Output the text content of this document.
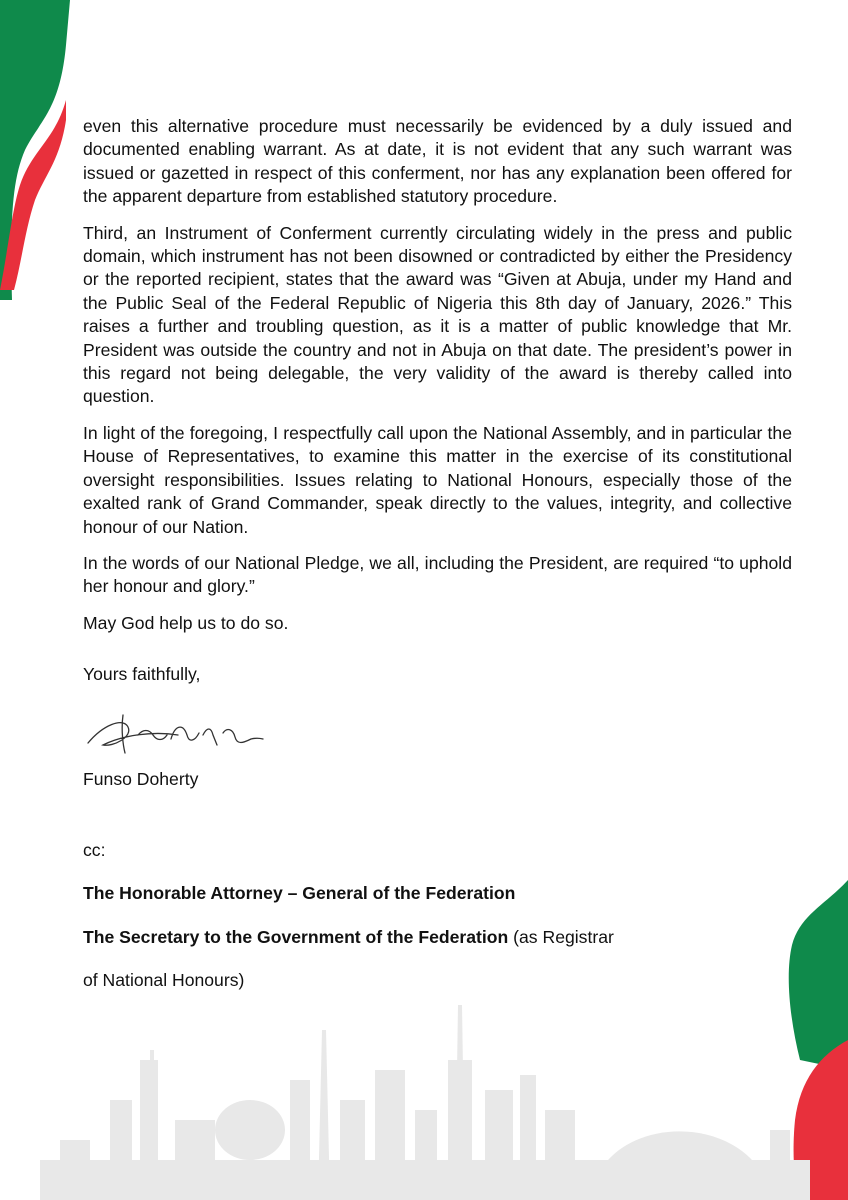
even this alternative procedure must necessarily be evidenced by a duly issued and documented enabling warrant. As at date, it is not evident that any such warrant was issued or gazetted in respect of this conferment, nor has any explanation been offered for the apparent departure from established statutory procedure.

Third, an Instrument of Conferment currently circulating widely in the press and public domain, which instrument has not been disowned or contradicted by either the Presidency or the reported recipient, states that the award was “Given at Abuja, under my Hand and the Public Seal of the Federal Republic of Nigeria this 8th day of January, 2026.” This raises a further and troubling question, as it is a matter of public knowledge that Mr. President was outside the country and not in Abuja on that date. The president’s power in this regard not being delegable, the very validity of the award is thereby called into question.

In light of the foregoing, I respectfully call upon the National Assembly, and in particular the House of Representatives, to examine this matter in the exercise of its constitutional oversight responsibilities. Issues relating to National Honours, especially those of the exalted rank of Grand Commander, speak directly to the values, integrity, and collective honour of our Nation.

In the words of our National Pledge, we all, including the President, are required “to uphold her honour and glory.”

May God help us to do so.

Yours faithfully,

Funso Doherty

cc:

The Honorable Attorney – General of the Federation

The Secretary to the Government of the Federation (as Registrar

of National Honours)
